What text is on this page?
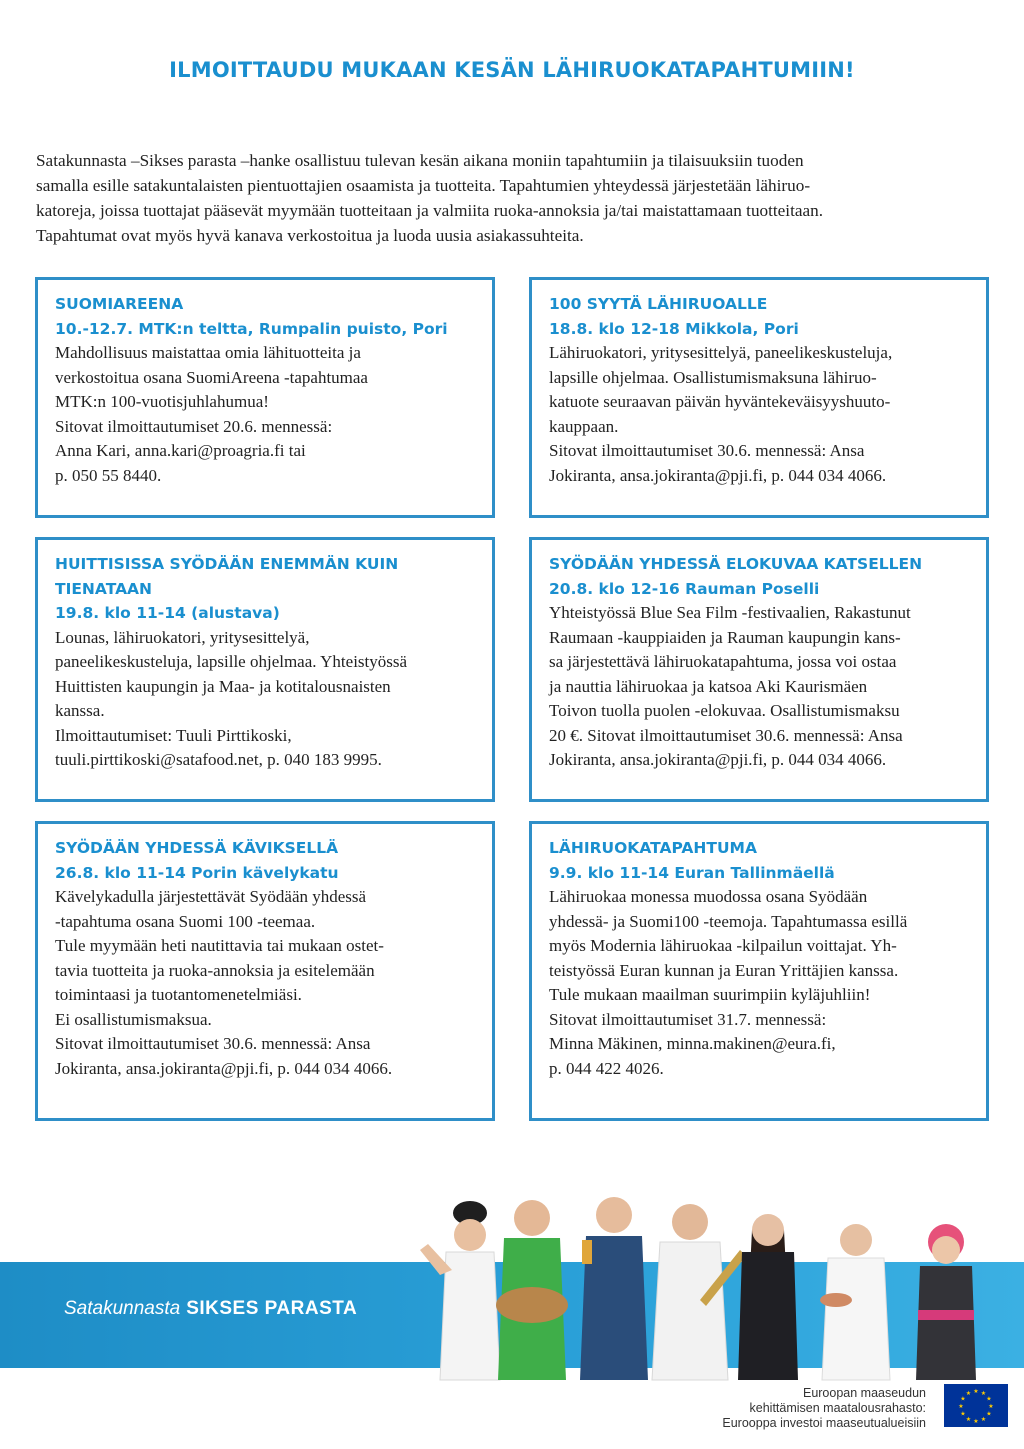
ILMOITTAUDU MUKAAN KESÄN LÄHIRUOKATAPAHTUMIIN!
Satakunnasta –Sikses parasta –hanke osallistuu tulevan kesän aikana moniin tapahtumiin ja tilaisuuksiin tuoden
samalla esille satakuntalaisten pientuottajien osaamista ja tuotteita. Tapahtumien yhteydessä järjestetään lähiruo-
katoreja, joissa tuottajat pääsevät myymään tuotteitaan ja valmiita ruoka-annoksia ja/tai maistattamaan tuotteitaan.
Tapahtumat ovat myös hyvä kanava verkostoitua ja luoda uusia asiakassuhteita.
SUOMIAREENA
10.-12.7. MTK:n teltta, Rumpalin puisto, Pori
Mahdollisuus maistattaa omia lähituotteita ja
verkostoitua osana SuomiAreena -tapahtumaa
MTK:n 100-vuotisjuhlahumua!
Sitovat ilmoittautumiset 20.6. mennessä:
Anna Kari, anna.kari@proagria.fi tai
p. 050 55 8440.
100 SYYTÄ LÄHIRUOALLE
18.8. klo 12-18 Mikkola, Pori
Lähiruokatori, yritysesittelyä, paneelikeskusteluja,
lapsille ohjelmaa. Osallistumismaksuna lähiruo-
katuote seuraavan päivän hyväntekeväisyyshuuto-
kauppaan.
Sitovat ilmoittautumiset 30.6. mennessä: Ansa
Jokiranta, ansa.jokiranta@pji.fi, p. 044 034 4066.
HUITTISISSA SYÖDÄÄN ENEMMÄN KUIN
TIENATAAN
19.8. klo 11-14 (alustava)
Lounas, lähiruokatori, yritysesittelyä,
paneelikeskusteluja, lapsille ohjelmaa. Yhteistyössä
Huittisten kaupungin ja Maa- ja kotitalousnaisten
kanssa.
Ilmoittautumiset: Tuuli Pirttikoski,
tuuli.pirttikoski@satafood.net, p. 040 183 9995.
SYÖDÄÄN YHDESSÄ ELOKUVAA KATSELLEN
20.8. klo 12-16 Rauman Poselli
Yhteistyössä Blue Sea Film -festivaalien, Rakastunut
Raumaan -kauppiaiden ja Rauman kaupungin kans-
sa järjestettävä lähiruokatapahtuma, jossa voi ostaa
ja nauttia lähiruokaa ja katsoa Aki Kaurismäen
Toivon tuolla puolen -elokuvaa. Osallistumismaksu
20 €. Sitovat ilmoittautumiset 30.6. mennessä: Ansa
Jokiranta, ansa.jokiranta@pji.fi, p. 044 034 4066.
SYÖDÄÄN YHDESSÄ KÄVIKSELLÄ
26.8. klo 11-14 Porin kävelykatu
Kävelykadulla järjestettävät Syödään yhdessä
-tapahtuma osana Suomi 100 -teemaa.
Tule myymään heti nautittavia tai mukaan ostet-
tavia tuotteita ja ruoka-annoksia ja esitelemään
toimintaasi ja tuotantomenetelmiäsi.
Ei osallistumismaksua.
Sitovat ilmoittautumiset 30.6. mennessä: Ansa
Jokiranta, ansa.jokiranta@pji.fi, p. 044 034 4066.
LÄHIRUOKATAPAHTUMA
9.9. klo 11-14 Euran Tallinmäellä
Lähiruokaa monessa muodossa osana Syödään
yhdessä- ja Suomi100 -teemoja. Tapahtumassa esillä
myös Modernia lähiruokaa -kilpailun voittajat. Yh-
teistyössä Euran kunnan ja Euran Yrittäjien kanssa.
Tule mukaan maailman suurimpiin kyläjuhliin!
Sitovat ilmoittautumiset 31.7. mennessä:
Minna Mäkinen, minna.makinen@eura.fi,
p. 044 422 4026.
Satakunnasta SIKSES PARASTA
Euroopan maaseudun
kehittämisen maatalousrahasto:
Eurooppa investoi maaseutualueisiin
★ ★
★
★
★
★
★
★
★
★
★
★
